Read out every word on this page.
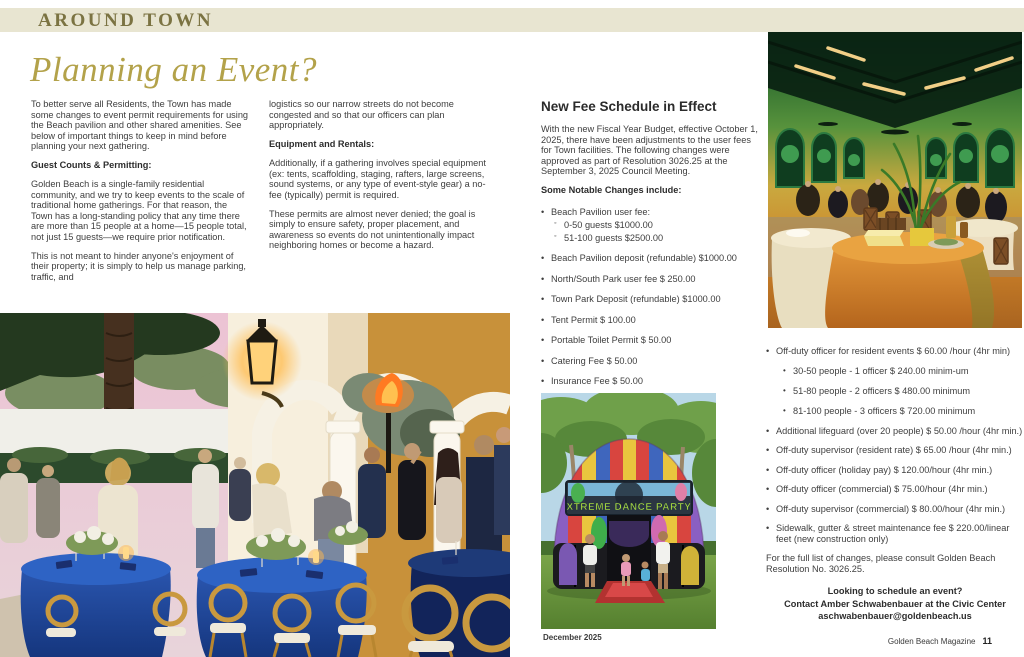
AROUND TOWN
Planning an Event?

To better serve all Residents, the Town has made some changes to event permit requirements for using the Beach pavilion and other shared amenities. See below of important things to keep in mind before planning your next gathering.

Guest Counts & Permitting:

Golden Beach is a single-family residential community, and we try to keep events to the scale of traditional home gatherings. For that reason, the Town has a long-standing policy that any time there are more than 15 people at a home—15 people total, not just 15 guests—we require prior notification.

This is not meant to hinder anyone's enjoyment of their property; it is simply to help us manage parking, traffic, and

logistics so our narrow streets do not become congested and so that our officers can plan appropriately.

Equipment and Rentals:

Additionally, if a gathering involves special equipment (ex: tents, scaffolding, staging, rafters, large screens, sound systems, or any type of event-style gear) a no-fee (typically) permit is required.

These permits are almost never denied; the goal is simply to ensure safety, proper placement, and awareness so events do not unintentionally impact neighboring homes or become a hazard.

New Fee Schedule in Effect

With the new Fiscal Year Budget, effective October 1, 2025, there have been adjustments to the user fees for Town facilities. The following changes were approved as part of Resolution 3026.25 at the September 3, 2025 Council Meeting.

Some Notable Changes include:

• Beach Pavilion user fee:
◦ 0-50 guests $1000.00
◦ 51-100 guests $2500.00
• Beach Pavilion deposit (refundable) $1000.00
• North/South Park user fee $ 250.00
• Town Park Deposit (refundable) $1000.00
• Tent Permit $ 100.00
• Portable Toilet Permit $ 50.00
• Catering Fee $ 50.00
• Insurance Fee $ 50.00
• Off-duty officer for resident events $ 60.00 /hour (4hr min)
• 30-50 people - 1 officer $ 240.00 minim-um
• 51-80 people - 2 officers $ 480.00 minimum
• 81-100 people - 3 officers $ 720.00 minimum
• Additional lifeguard (over 20 people) $ 50.00 /hour (4hr min.)
• Off-duty supervisor (resident rate) $ 65.00 /hour (4hr min.)
• Off-duty officer (holiday pay) $ 120.00/hour (4hr min.)
• Off-duty officer (commercial) $ 75.00/hour (4hr min.)
• Off-duty supervisor (commercial) $ 80.00/hour (4hr min.)
• Sidewalk, gutter & street maintenance fee $ 220.00/linear feet (new construction only)

For the full list of changes, please consult Golden Beach Resolution No. 3026.25.

Looking to schedule an event?
Contact Amber Schwabenbauer at the Civic Center
aschwabenbauer@goldenbeach.us
XTREME DANCE PARTY
December 2025	Golden Beach Magazine 11
